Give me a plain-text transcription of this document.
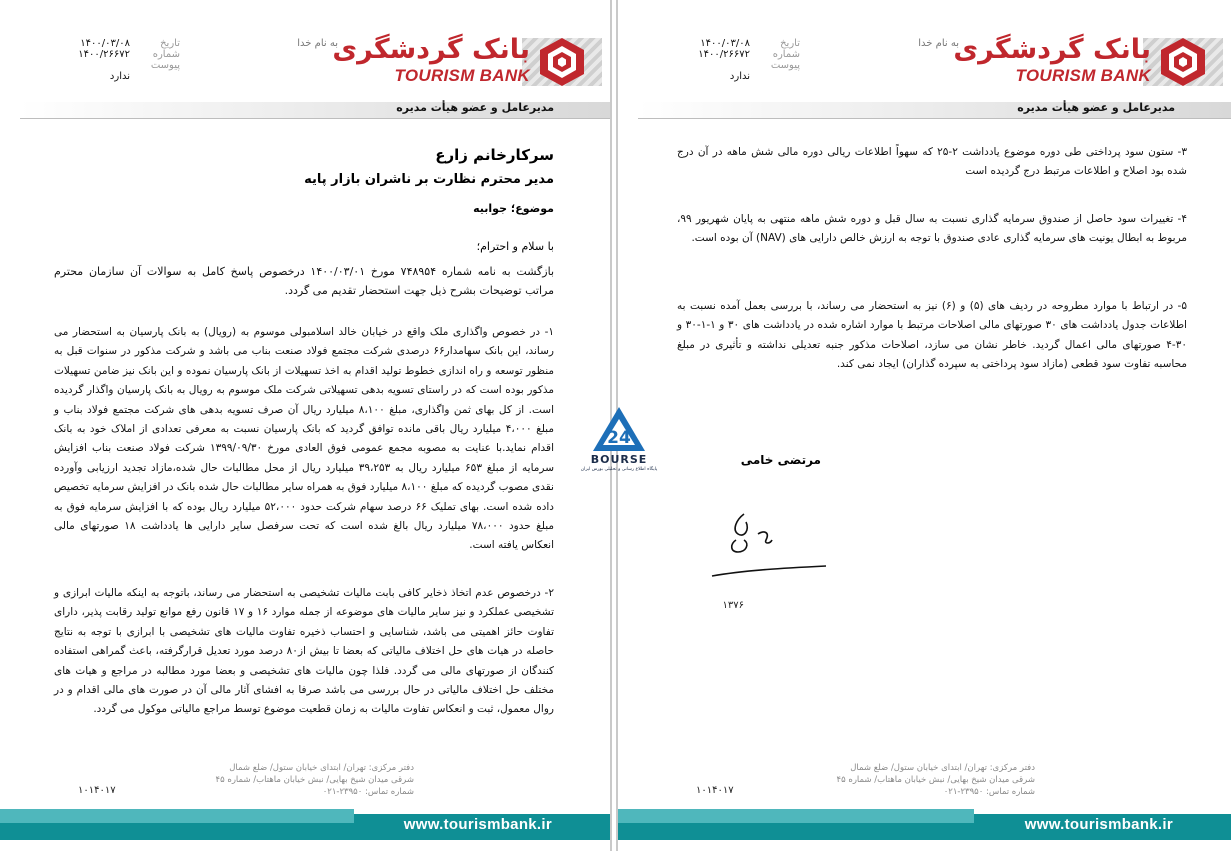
بانک گردشگری
TOURISM BANK
به نام خدا
تاریخ
۱۴۰۰/۰۳/۰۸
شماره
۱۴۰۰/۲۶۶۷۲
پیوست
ندارد
مدیرعامل و عضو هیأت مدیره
سرکارخانم زارع
مدیر محترم نظارت بر ناشران بازار پایه
موضوع؛ جوابیه
با سلام و احترام؛
بازگشت به نامه شماره ۷۴۸۹۵۴ مورخ ۱۴۰۰/۰۳/۰۱ درخصوص پاسخ کامل به سوالات آن سازمان محترم مراتب توضیحات بشرح ذیل جهت استحضار تقدیم می گردد.
۱- در خصوص واگذاری ملک واقع در خیابان خالد اسلامبولی موسوم به (رویال) به بانک پارسیان به استحضار می رساند، این بانک سهامدار۶۶ درصدی شرکت مجتمع فولاد صنعت بناب می باشد و شرکت مذکور در سنوات قبل به منظور توسعه و راه اندازی خطوط تولید اقدام به اخذ تسهیلات از بانک پارسیان نموده و این بانک نیز ضامن تسهیلات مذکور بوده است که در راستای تسویه بدهی تسهیلاتی شرکت ملک موسوم به رویال به بانک پارسیان واگذار گردیده است. از کل بهای ثمن واگذاری، مبلغ ۸،۱۰۰ میلیارد ریال آن صرف تسویه بدهی های شرکت مجتمع فولاد بناب و مبلغ ۴،۰۰۰ میلیارد ریال باقی مانده توافق گردید که بانک پارسیان نسبت به معرفی تعدادی از املاک خود به بانک اقدام نماید.با عنایت به مصوبه مجمع عمومی فوق العادی مورخ ۱۳۹۹/۰۹/۳۰ شرکت فولاد صنعت بناب افزایش سرمایه از مبلغ ۶۵۳ میلیارد ریال به ۳۹،۲۵۳ میلیارد ریال از محل مطالبات حال شده،مازاد تجدید ارزیابی وآورده نقدی مصوب گردیده که مبلغ ۸،۱۰۰ میلیارد فوق به همراه سایر مطالبات حال شده بانک در افزایش سرمایه تخصیص داده شده است. بهای تملیک ۶۶ درصد سهام شرکت حدود ۵۲،۰۰۰ میلیارد ریال بوده که با افزایش سرمایه فوق به مبلغ حدود ۷۸،۰۰۰ میلیارد ریال بالغ شده است که تحت سرفصل سایر دارایی ها یادداشت ۱۸ صورتهای مالی انعکاس یافته است.
۲- درخصوص عدم اتخاذ ذخایر کافی بابت مالیات تشخیصی به استحضار می رساند، باتوجه به اینکه مالیات ابرازی و تشخیصی عملکرد و نیز سایر مالیات های موضوعه از جمله موارد ۱۶ و ۱۷ قانون رفع موانع تولید رقابت پذیر، دارای تفاوت حائز اهمیتی می باشد، شناسایی و احتساب ذخیره تفاوت مالیات های تشخیصی با ابرازی با توجه به نتایج حاصله در هیات های حل اختلاف مالیاتی که بعضا تا بیش از۸۰ درصد مورد تعدیل قرارگرفته، باعث گمراهی استفاده کنندگان از صورتهای مالی می گردد. فلذا چون مالیات های تشخیصی و بعضا مورد مطالبه در مراجع و هیات های مختلف حل اختلاف مالیاتی در حال بررسی می باشد صرفا به افشای آثار مالی آن در صورت های مالی اقدام و در روال معمول، ثبت و انعکاس تفاوت مالیات به زمان قطعیت موضوع توسط مراجع مالیاتی موکول می گردد.
دفتر مرکزی: تهران/ ابتدای خیابان ستول/ ضلع شمال
شرقی میدان شیخ بهایی/ نبش خیابان ماهتاب/ شماره ۴۵
شماره تماس: ۲۳۹۵۰-۰۲۱
۱۰۱۴۰۱۷
www.tourismbank.ir
بانک گردشگری
TOURISM BANK
به نام خدا
تاریخ
۱۴۰۰/۰۳/۰۸
شماره
۱۴۰۰/۲۶۶۷۲
پیوست
ندارد
مدیرعامل و عضو هیأت مدیره
۳- ستون سود پرداختی طی دوره موضوع یادداشت ۲-۲۵ که سهواً اطلاعات ریالی دوره مالی شش ماهه در آن درج شده بود اصلاح و اطلاعات مرتبط درج گردیده است
۴- تغییرات سود حاصل از صندوق سرمایه گذاری نسبت به سال قبل و دوره شش ماهه منتهی به پایان شهریور ۹۹، مربوط به ابطال یونیت های سرمایه گذاری عادی صندوق با توجه به ارزش خالص دارایی های (NAV) آن بوده است.
۵- در ارتباط با موارد مطروحه در ردیف های (۵) و (۶) نیز به استحضار می رساند، با بررسی بعمل آمده نسبت به اطلاعات جدول یادداشت های ۳۰ صورتهای مالی اصلاحات مرتبط با موارد اشاره شده در یادداشت های ۳۰ و ۱-۱-۳۰ و ۳۰-۴ صورتهای مالی اعمال گردید. خاطر نشان می سازد، اصلاحات مذکور جنبه تعدیلی نداشته و تأثیری در مبلغ محاسبه تفاوت سود قطعی (مازاد سود پرداختی به سپرده گذاران) ایجاد نمی کند.
مرتضی خامی
۱۳۷۶
دفتر مرکزی: تهران/ ابتدای خیابان ستول/ ضلع شمال
شرقی میدان شیخ بهایی/ نبش خیابان ماهتاب/ شماره ۴۵
شماره تماس: ۲۳۹۵۰-۰۲۱
۱۰۱۴۰۱۷
www.tourismbank.ir
24
BOURSE
پایگاه اطلاع رسانی و تحلیلی بورس ایران
